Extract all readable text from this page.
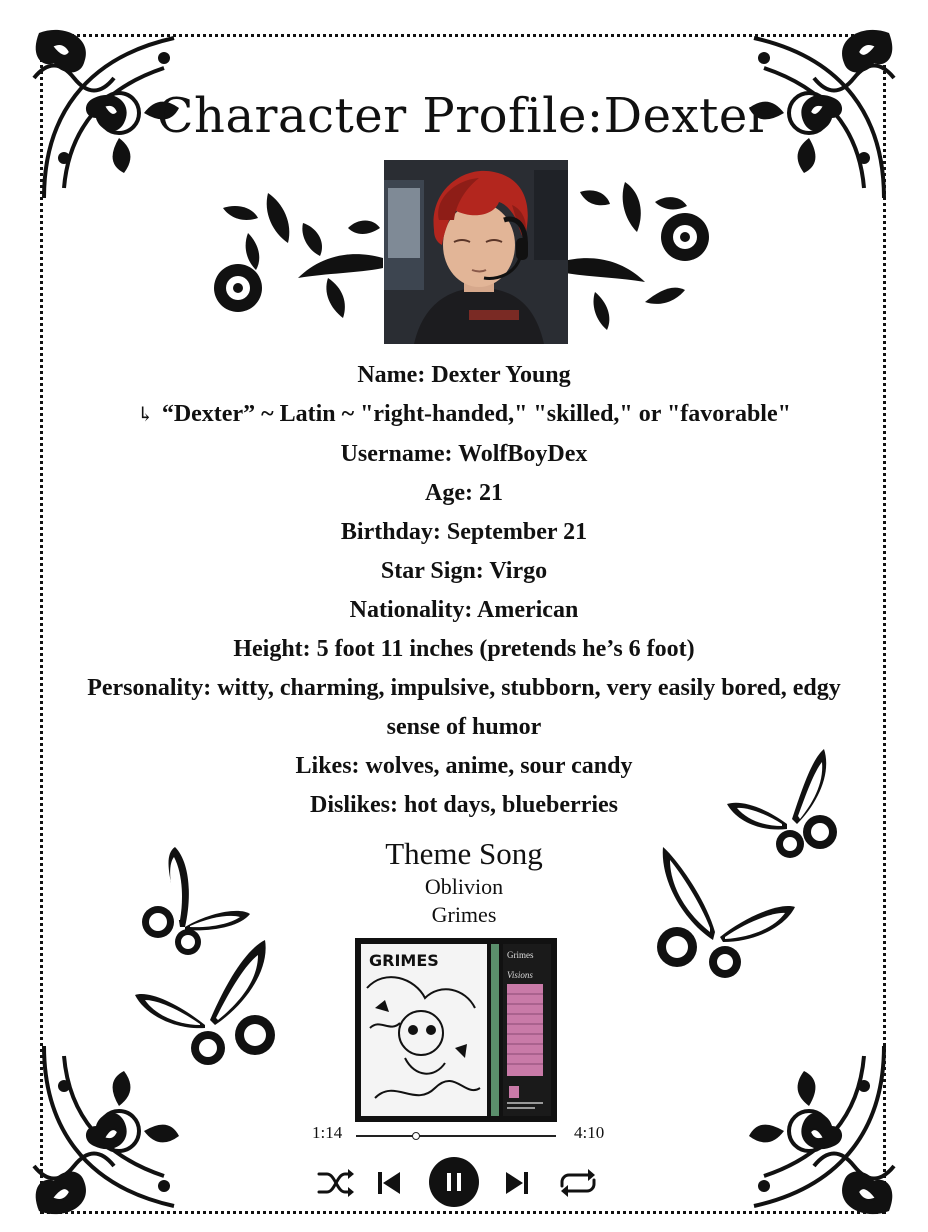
Character Profile:Dexter
Name: Dexter Young
↳ “Dexter” ~ Latin ~ "right-handed," "skilled," or "favorable"
Username: WolfBoyDex
Age: 21
Birthday: September 21
Star Sign: Virgo
Nationality: American
Height: 5 foot 11 inches (pretends he’s 6 foot)
Personality: witty, charming, impulsive, stubborn, very easily bored, edgy
sense of humor
Likes: wolves, anime, sour candy
Dislikes: hot days, blueberries
Theme Song
Oblivion
Grimes
GRIMES	Grimes
Visions
1:14	4:10
